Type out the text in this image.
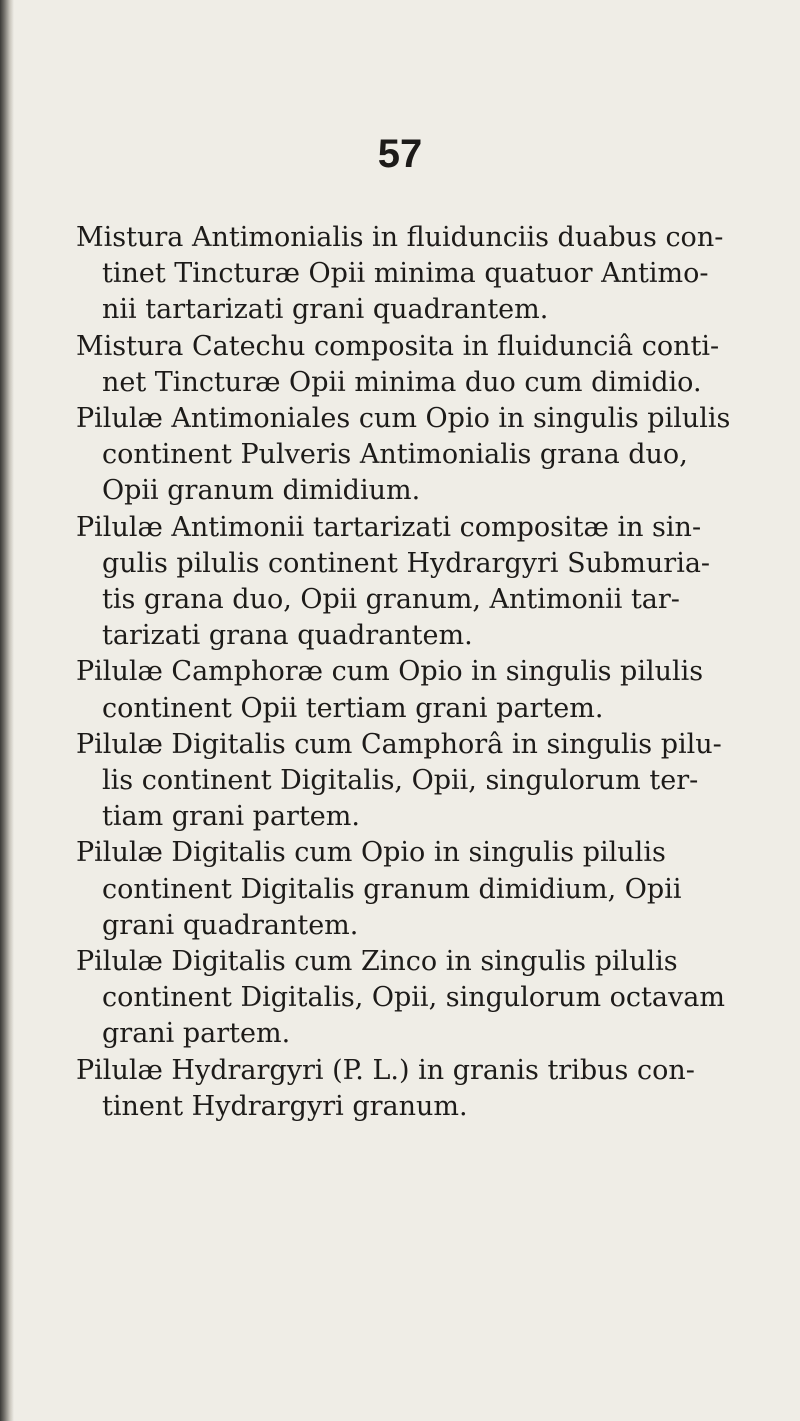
57

Mistura Antimonialis in fluidunciis duabus con-
tinet Tincturæ Opii minima quatuor Antimo-
nii tartarizati grani quadrantem.

Mistura Catechu composita in fluidunciâ conti-
net Tincturæ Opii minima duo cum dimidio.

Pilulæ Antimoniales cum Opio in singulis pilulis
continent Pulveris Antimonialis grana duo,
Opii granum dimidium.

Pilulæ Antimonii tartarizati compositæ in sin-
gulis pilulis continent Hydrargyri Submuria-
tis grana duo, Opii granum, Antimonii tar-
tarizati grana quadrantem.

Pilulæ Camphoræ cum Opio in singulis pilulis
continent Opii tertiam grani partem.

Pilulæ Digitalis cum Camphorâ in singulis pilu-
lis continent Digitalis, Opii, singulorum ter-
tiam grani partem.

Pilulæ Digitalis cum Opio in singulis pilulis
continent Digitalis granum dimidium, Opii
grani quadrantem.

Pilulæ Digitalis cum Zinco in singulis pilulis
continent Digitalis, Opii, singulorum octavam
grani partem.

Pilulæ Hydrargyri (P. L.) in granis tribus con-
tinent Hydrargyri granum.
